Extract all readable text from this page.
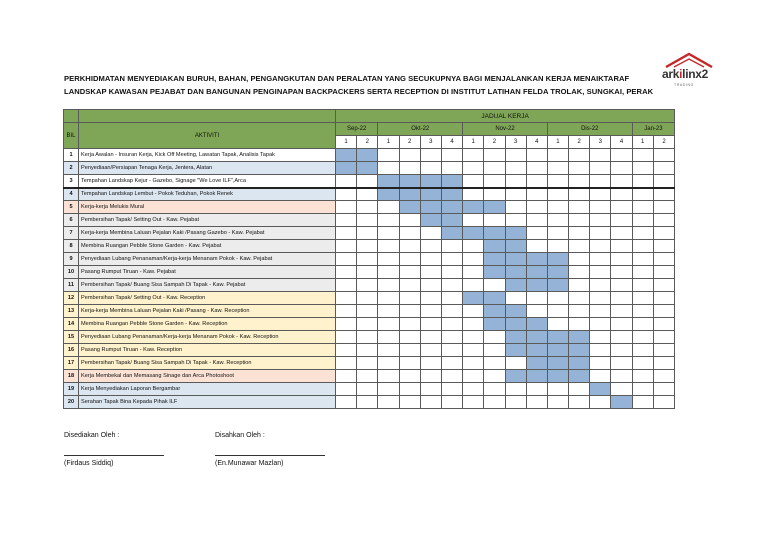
PERKHIDMATAN MENYEDIAKAN BURUH, BAHAN, PENGANGKUTAN DAN PERALATAN YANG SECUKUPNYA BAGI MENJALANKAN KERJA MENAIKTARAF
LANDSKAP KAWASAN PEJABAT DAN BANGUNAN PENGINAPAN BACKPACKERS SERTA RECEPTION DI INSTITUT LATIHAN FELDA TROLAK, SUNGKAI, PERAK
arkilinx2
TRADING
		JADUAL KERJA															
BIL	AKTIVITI	Sep-22		Okt-22				Nov-22				Dis-22				Jan-23	
		1	2	1	2	3	4	1	2	3	4	1	2	3	4	1	2
1	Kerja Awalan - Insuran Kerja, Kick Off Meeting, Lawatan Tapak, Analisis Tapak																
2	Penyediaan/Persiapan Tenaga Kerja, Jentera, Alatan																
3	Tempahan Landskap Kejur - Gazebo, Signage "We Love ILF",Arca																
4	Tempahan Landskap Lembut - Pokok Teduhan, Pokok Renek																
5	Kerja-kerja Melukis Mural																
6	Pembersihan Tapak/ Setting Out - Kaw. Pejabat																
7	Kerja-kerja Membina Laluan Pejalan Kaki /Pasang Gazebo - Kaw. Pejabat																
8	Membina Ruangan Pebble Stone Garden - Kaw. Pejabat																
9	Penyediaan Lubang Penanaman/Kerja-kerja Menanam Pokok - Kaw. Pejabat																
10	Pasang Rumput Tiruan - Kaw. Pejabat																
11	Pembersihan Tapak/ Buang Sisa Sampah Di Tapak - Kaw. Pejabat																
12	Pembersihan Tapak/ Setting Out - Kaw. Reception																
13	Kerja-kerja Membina Laluan Pejalan Kaki /Pasang - Kaw. Reception																
14	Membina Ruangan Pebble Stone Garden - Kaw. Reception																
15	Penyediaan Lubang Penanaman/Kerja-kerja Menanam Pokok - Kaw. Reception																
16	Pasang Rumput Tiruan - Kaw. Reception																
17	Pembersihan Tapak/ Buang Sisa Sampah Di Tapak - Kaw. Reception																
18	Kerja Membekal dan Memasang Sinage dan Arca Photoshoot																
19	Kerja Menyediakan Laporan Bergambar																
20	Serahan Tapak Bina Kepada Pihak ILF																
Disediakan Oleh :
(Firdaus Siddiq)
Disahkan Oleh :
(En.Munawar Mazlan)
